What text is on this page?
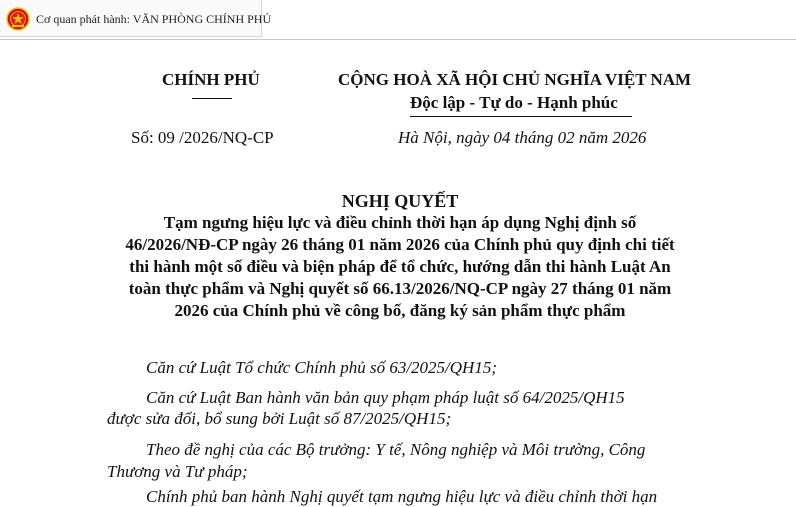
Cơ quan phát hành: VĂN PHÒNG CHÍNH PHỦ
CHÍNH PHỦ	CỘNG HOÀ XÃ HỘI CHỦ NGHĨA VIỆT NAM
Độc lập - Tự do - Hạnh phúc
Số: 09 /2026/NQ-CP	Hà Nội, ngày 04 tháng 02 năm 2026
NGHỊ QUYẾT
Tạm ngưng hiệu lực và điều chỉnh thời hạn áp dụng Nghị định số
46/2026/NĐ-CP ngày 26 tháng 01 năm 2026 của Chính phủ quy định chi tiết
thi hành một số điều và biện pháp để tổ chức, hướng dẫn thi hành Luật An
toàn thực phẩm và Nghị quyết số 66.13/2026/NQ-CP ngày 27 tháng 01 năm
2026 của Chính phủ về công bố, đăng ký sản phẩm thực phẩm
Căn cứ Luật Tổ chức Chính phủ số 63/2025/QH15;
Căn cứ Luật Ban hành văn bản quy phạm pháp luật số 64/2025/QH15
được sửa đổi, bổ sung bởi Luật số 87/2025/QH15;
Theo đề nghị của các Bộ trưởng: Y tế, Nông nghiệp và Môi trường, Công
Thương và Tư pháp;
Chính phủ ban hành Nghị quyết tạm ngưng hiệu lực và điều chỉnh thời hạn
